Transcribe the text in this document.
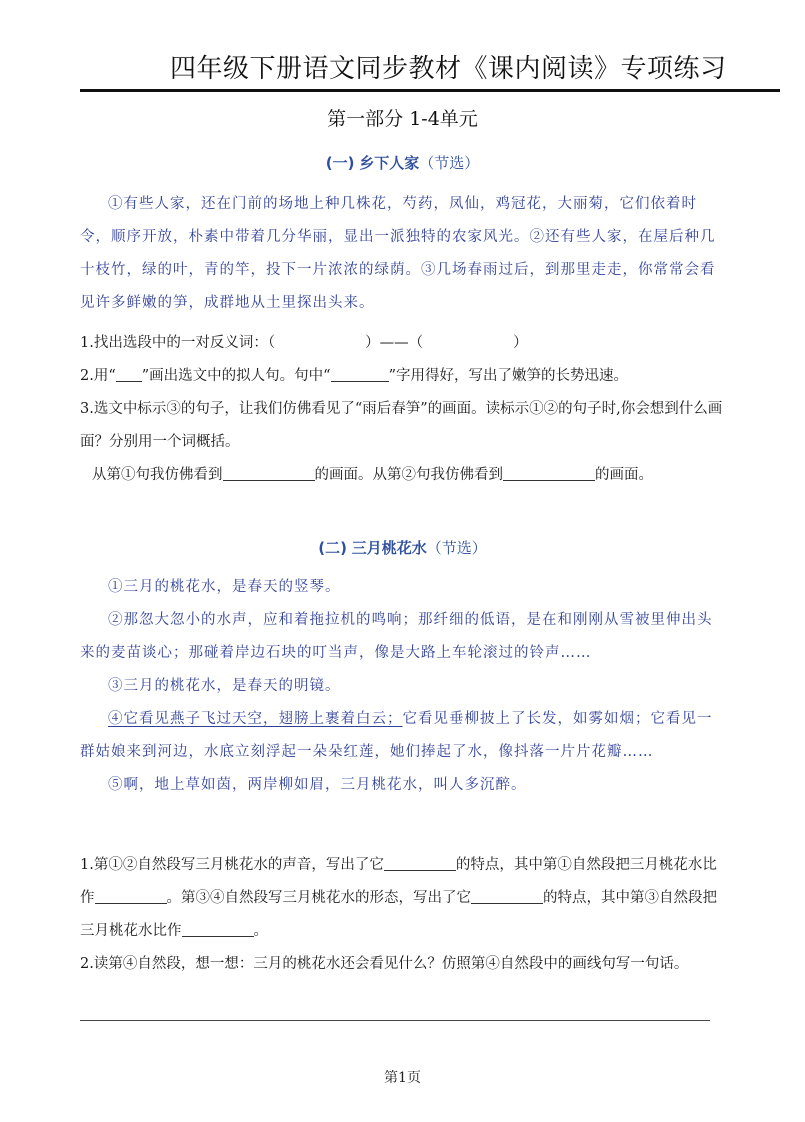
四年级下册语文同步教材《课内阅读》专项练习
第一部分 1-4单元
(一) 乡下人家（节选）

①有些人家，还在门前的场地上种几株花，芍药，凤仙，鸡冠花，大丽菊，它们依着时令，顺序开放，朴素中带着几分华丽，显出一派独特的农家风光。②还有些人家，在屋后种几十枝竹，绿的叶，青的竿，投下一片浓浓的绿荫。③几场春雨过后，到那里走走，你常常会看见许多鲜嫩的笋，成群地从土里探出头来。

1.找出选段中的一对反义词：（	）——（	）

2.用“ ”画出选文中的拟人句。句中“	”字用得好，写出了嫩笋的长势迅速。

3.选文中标示③的句子，让我们仿佛看见了“雨后春笋”的画面。读标示①②的句子时,你会想到什么画面？分别用一个词概括。

从第①句我仿佛看到	的画面。从第②句我仿佛看到	的画面。

(二) 三月桃花水（节选）

①三月的桃花水，是春天的竖琴。

②那忽大忽小的水声，应和着拖拉机的鸣响；那纤细的低语，是在和刚刚从雪被里伸出头来的麦苗谈心；那碰着岸边石块的叮当声，像是大路上车轮滚过的铃声……

③三月的桃花水，是春天的明镜。

④它看见燕子飞过天空，翅膀上裹着白云；它看见垂柳披上了长发，如雾如烟；它看见一群姑娘来到河边，水底立刻浮起一朵朵红莲，她们捧起了水，像抖落一片片花瓣……

⑤啊，地上草如茵，两岸柳如眉，三月桃花水，叫人多沉醉。

1.第①②自然段写三月桃花水的声音，写出了它	的特点，其中第①自然段把三月桃花水比作	。第③④自然段写三月桃花水的形态，写出了它	的特点，其中第③自然段把三月桃花水比作	。

2.读第④自然段，想一想：三月的桃花水还会看见什么？仿照第④自然段中的画线句写一句话。

第1页
